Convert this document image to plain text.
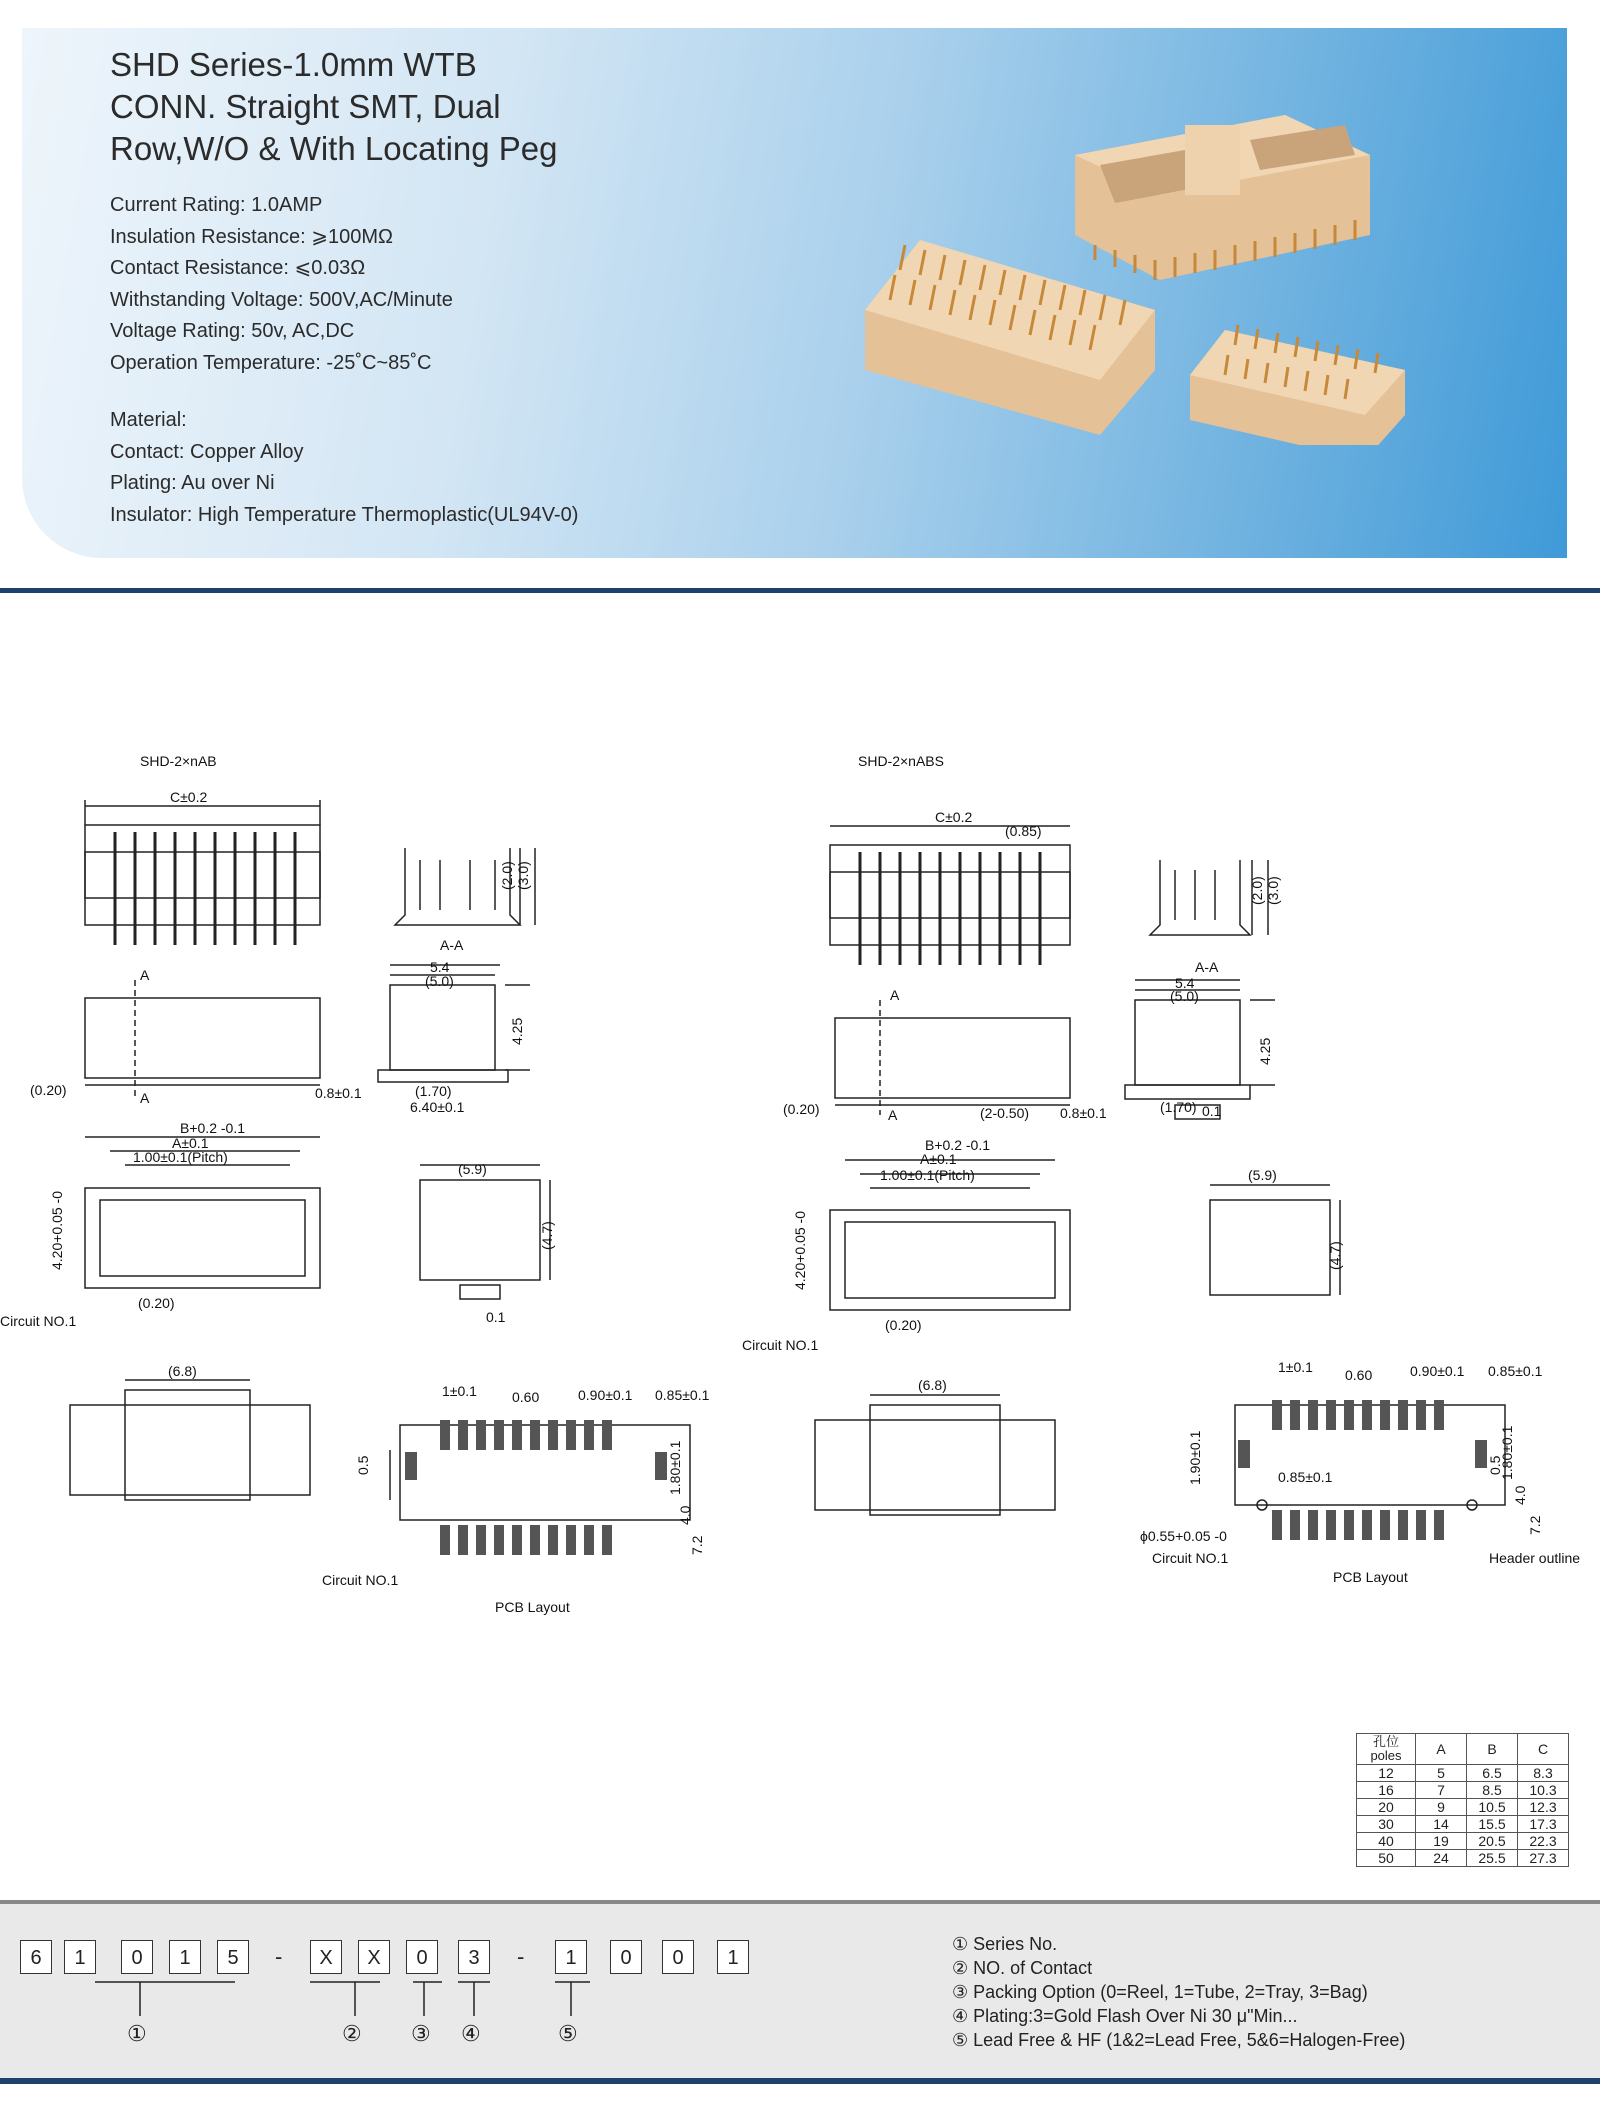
SHD Series-1.0mm WTB
CONN. Straight SMT, Dual
Row,W/O & With Locating Peg
Current Rating: 1.0AMP
Insulation Resistance: ⩾100MΩ
Contact Resistance: ⩽0.03Ω
Withstanding Voltage: 500V,AC/Minute
Voltage Rating: 50v, AC,DC
Operation Temperature: -25˚C~85˚C
Material:
Contact: Copper Alloy
Plating: Au over Ni
Insulator: High Temperature Thermoplastic(UL94V-0)
SHD-2×nAB
C±0.2
A-A
(2.0) (3.0)
A
A
5.4
(5.0)
4.25
(0.20)	0.8±0.1	(1.70)
6.40±0.1
B+0.2 -0.1
A±0.1
1.00±0.1(Pitch)
4.20+0.05 -0
(0.20)
Circuit NO.1
(5.9)
(4.7)
0.1
(6.8)
1±0.1	0.60	0.90±0.1 0.85±0.1
0.5	1.80±0.1
4.0
7.2
Circuit NO.1
PCB Layout
SHD-2×nABS
C±0.2
(0.85)
A-A
(2.0) (3.0)
A
A
5.4
(5.0)
4.25
(0.20)	(2-0.50) 0.8±0.1	(1.70) 0.1
B+0.2 -0.1
A±0.1
1.00±0.1(Pitch)
4.20+0.05 -0
(0.20)
Circuit NO.1
(5.9)
(4.7)
(6.8)
1±0.1 0.60	0.90±0.1 0.85±0.1
1.90±0.1	0.85±0.1
0.5
1.80±0.1
4.0
7.2
ϕ0.55+0.05 -0
Circuit NO.1	Header outline
PCB Layout
孔位 poles	A	B	C
12	5	6.5	8.3
16	7	8.5	10.3
20	9	10.5	12.3
30	14	15.5	17.3
40	19	20.5	22.3
50	24	25.5	27.3
6	1	0	1	5	-	X	X	0	3	-	1	0	0	1
①	② ③ ④	⑤
① Series No.
② NO. of Contact
③ Packing Option (0=Reel, 1=Tube, 2=Tray, 3=Bag)
④ Plating:3=Gold Flash Over Ni 30 μ"Min...
⑤ Lead Free & HF (1&2=Lead Free, 5&6=Halogen-Free)
